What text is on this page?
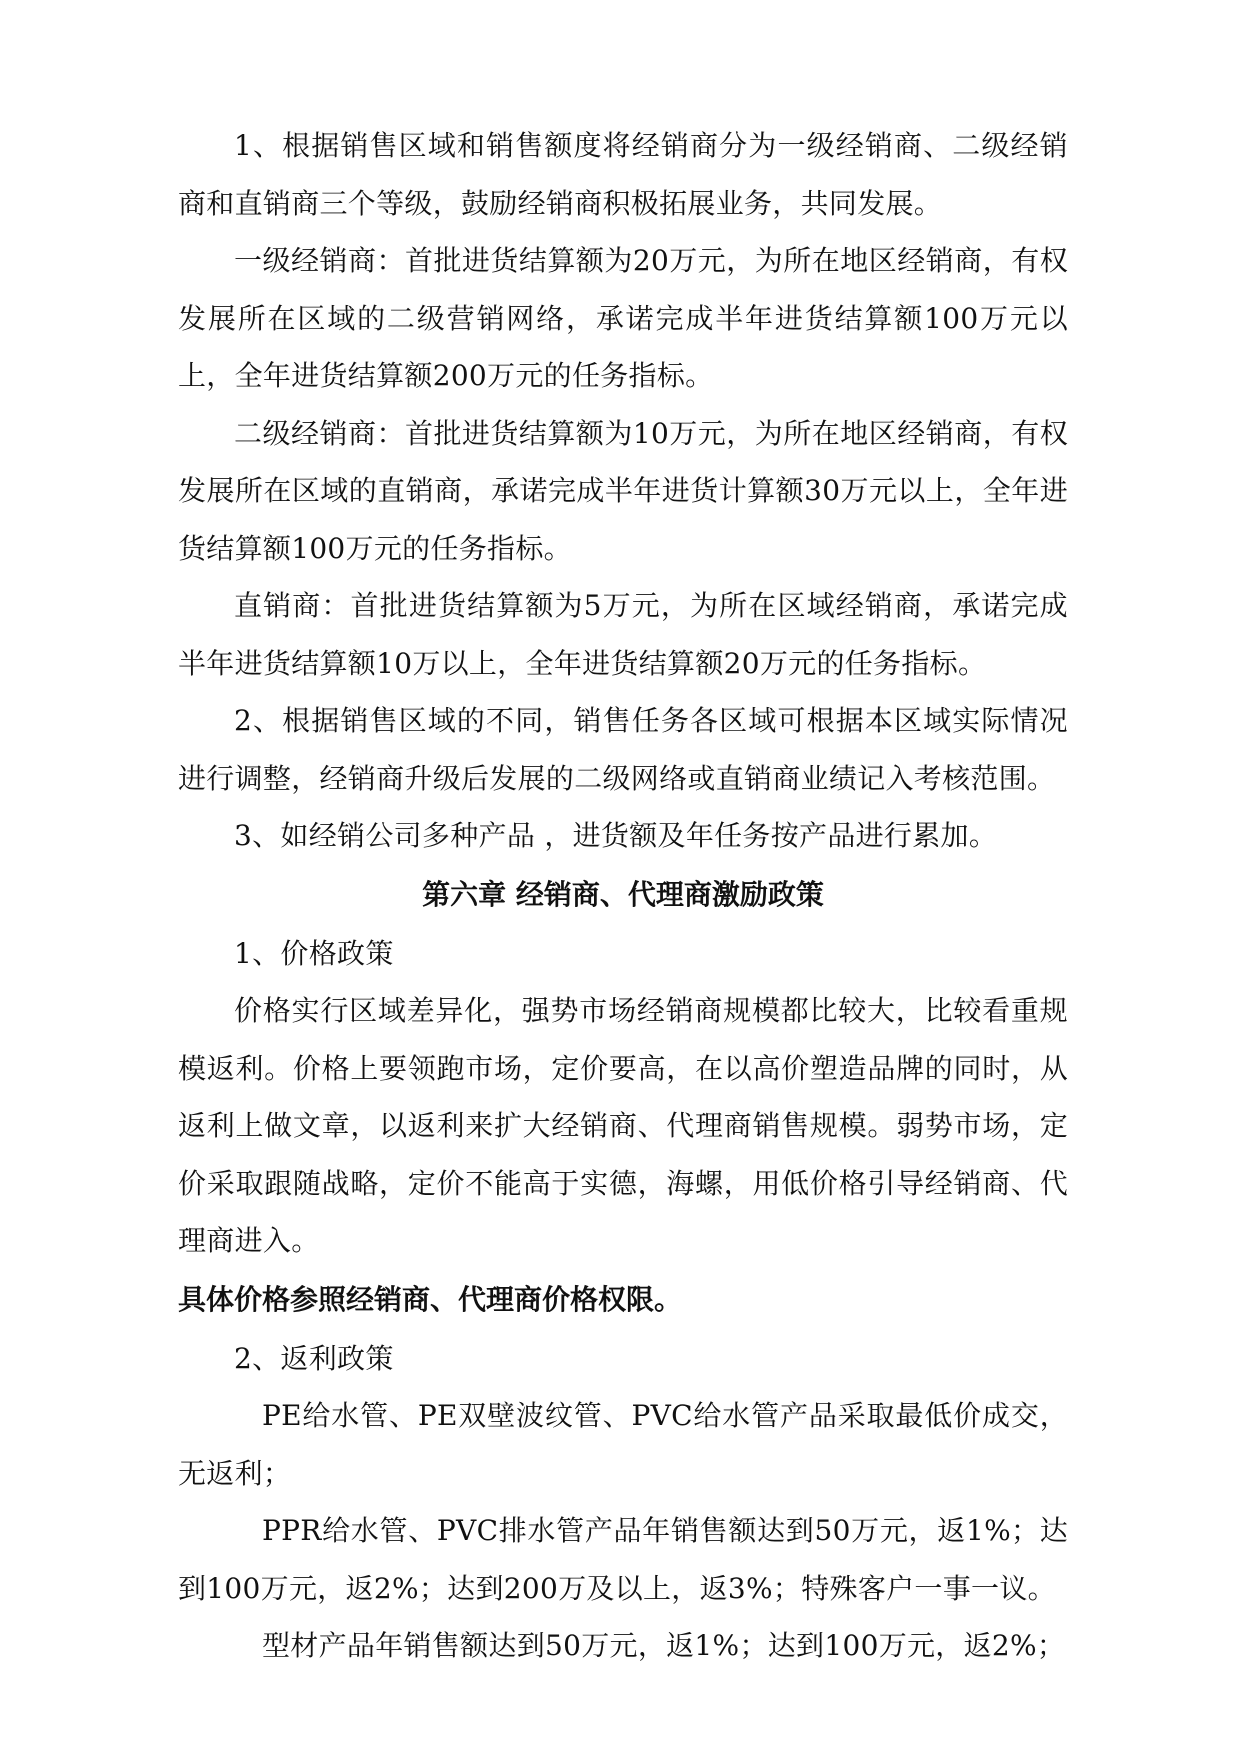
1、根据销售区域和销售额度将经销商分为一级经销商、二级经销商和直销商三个等级，鼓励经销商积极拓展业务，共同发展。

一级经销商：首批进货结算额为20万元，为所在地区经销商，有权发展所在区域的二级营销网络，承诺完成半年进货结算额100万元以上，全年进货结算额200万元的任务指标。

二级经销商：首批进货结算额为10万元，为所在地区经销商，有权发展所在区域的直销商，承诺完成半年进货计算额30万元以上，全年进货结算额100万元的任务指标。

直销商：首批进货结算额为5万元，为所在区域经销商，承诺完成半年进货结算额10万以上，全年进货结算额20万元的任务指标。

2、根据销售区域的不同，销售任务各区域可根据本区域实际情况进行调整，经销商升级后发展的二级网络或直销商业绩记入考核范围。

3、如经销公司多种产品 ，进货额及年任务按产品进行累加。

第六章 经销商、代理商激励政策

1、价格政策

价格实行区域差异化，强势市场经销商规模都比较大，比较看重规模返利。价格上要领跑市场，定价要高，在以高价塑造品牌的同时，从返利上做文章，以返利来扩大经销商、代理商销售规模。弱势市场，定价采取跟随战略，定价不能高于实德，海螺，用低价格引导经销商、代理商进入。

具体价格参照经销商、代理商价格权限。

2、返利政策

PE给水管、PE双壁波纹管、PVC给水管产品采取最低价成交，无返利；

PPR给水管、PVC排水管产品年销售额达到50万元，返1%；达到100万元，返2%；达到200万及以上，返3%；特殊客户一事一议。

型材产品年销售额达到50万元，返1%；达到100万元，返2%；
